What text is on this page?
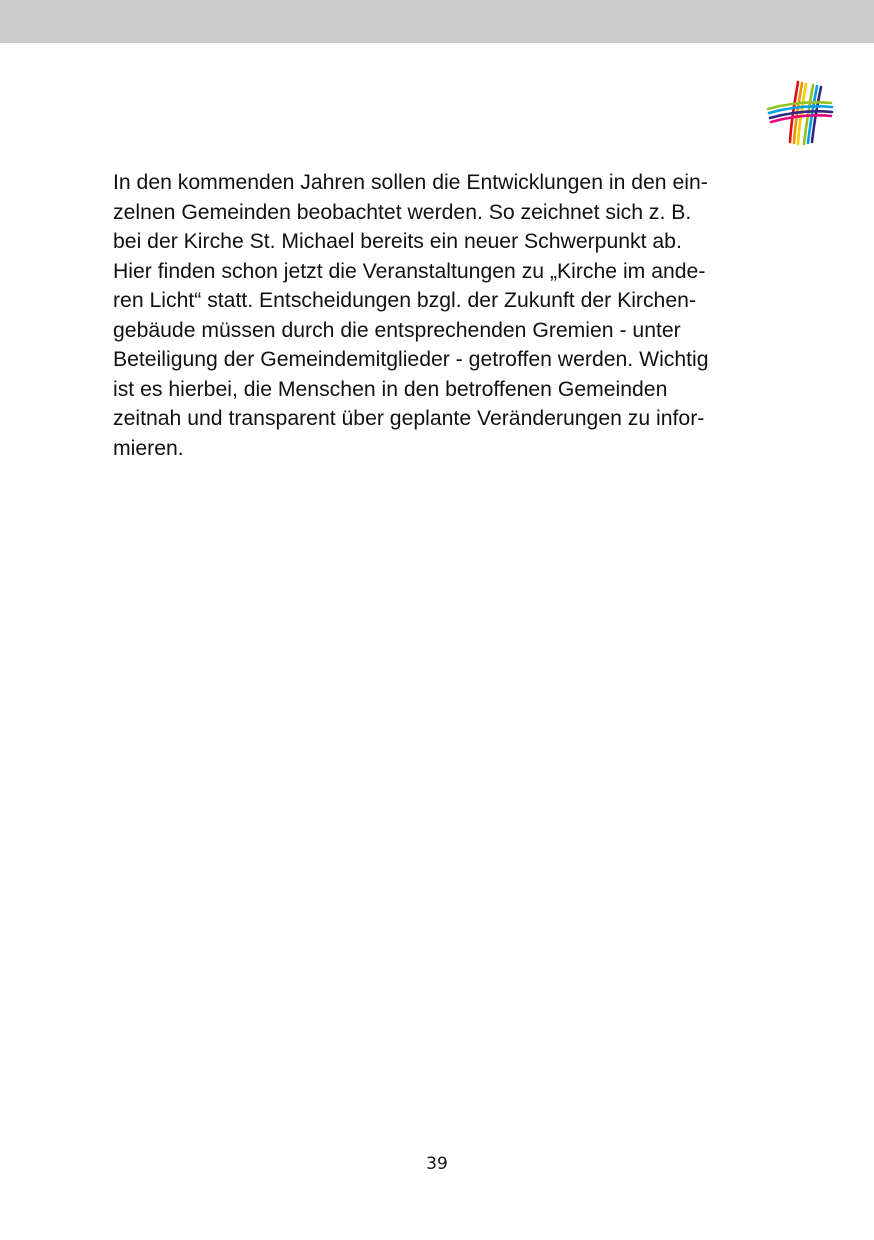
In den kommenden Jahren sollen die Entwicklungen in den ein-
zelnen Gemeinden beobachtet werden. So zeichnet sich z. B.
bei der Kirche St. Michael bereits ein neuer Schwerpunkt ab.
Hier finden schon jetzt die Veranstaltungen zu „Kirche im ande-
ren Licht“ statt. Entscheidungen bzgl. der Zukunft der Kirchen-
gebäude müssen durch die entsprechenden Gremien - unter
Beteiligung der Gemeindemitglieder - getroffen werden. Wichtig
ist es hierbei, die Menschen in den betroffenen Gemeinden
zeitnah und transparent über geplante Veränderungen zu infor-
mieren.
39
